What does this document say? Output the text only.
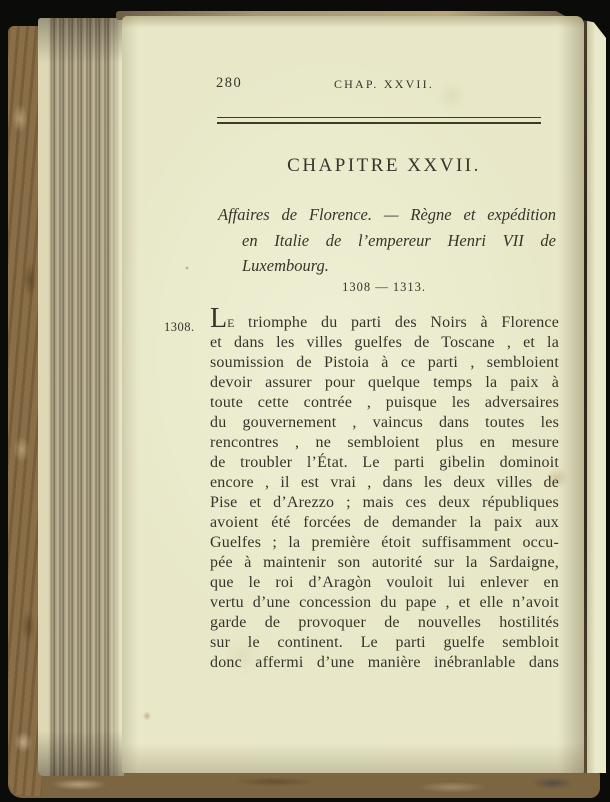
280	CHAP. XXVII.
CHAPITRE XXVII.
Affaires de Florence. — Règne et expédition
en Italie de l’empereur Henri VII de
Luxembourg.
1308 — 1313.
1308. LE triomphe du parti des Noirs à Florence
et dans les villes guelfes de Toscane , et la
soumission de Pistoia à ce parti , sembloient
devoir assurer pour quelque temps la paix à
toute cette contrée , puisque les adversaires
du gouvernement , vaincus dans toutes les
rencontres , ne sembloient plus en mesure
de troubler l’État. Le parti gibelin dominoit
encore , il est vrai , dans les deux villes de
Pise et d’Arezzo ; mais ces deux républiques
avoient été forcées de demander la paix aux
Guelfes ; la première étoit suffisamment occu-
pée à maintenir son autorité sur la Sardaigne,
que le roi d’Aragòn vouloit lui enlever en
vertu d’une concession du pape , et elle n’avoit
garde de provoquer de nouvelles hostilités
sur le continent. Le parti guelfe sembloit
donc affermi d’une manière inébranlable dans
